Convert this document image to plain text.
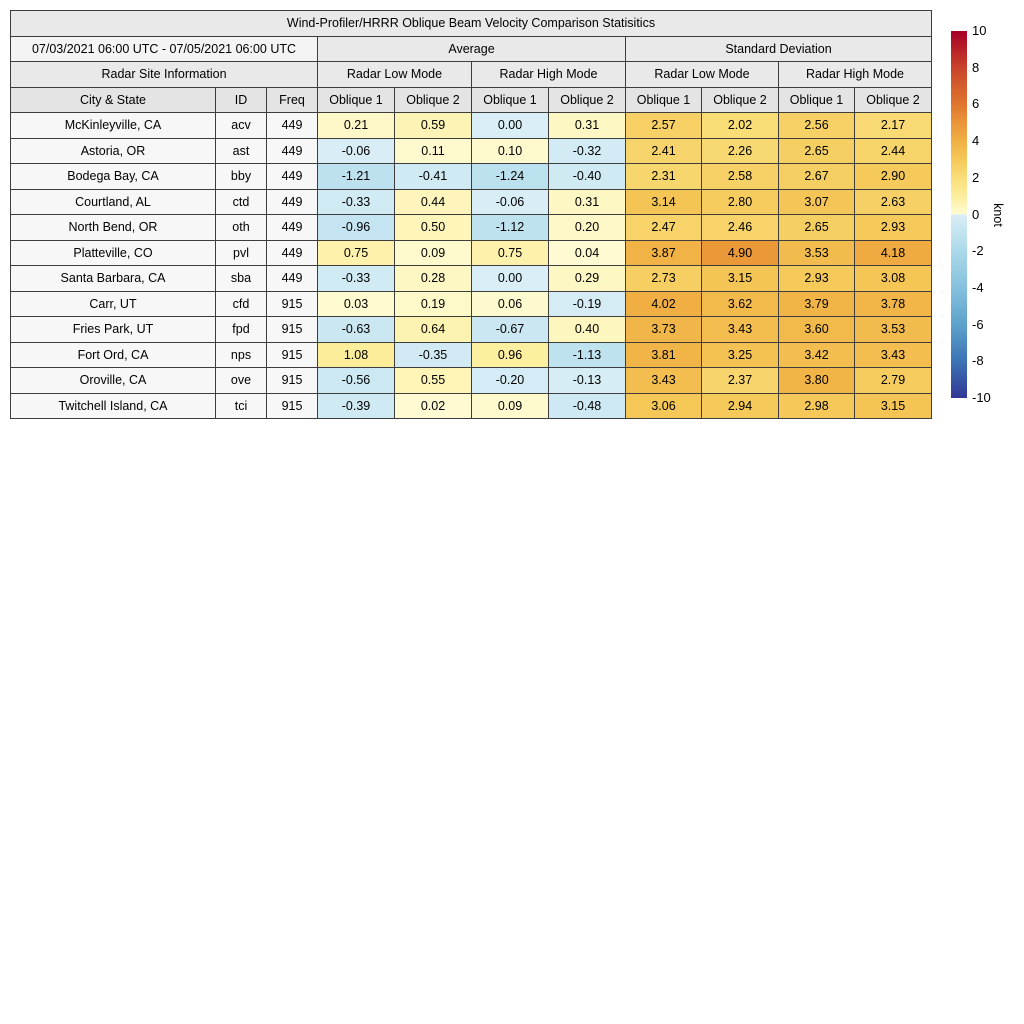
Wind-Profiler/HRRR Oblique Beam Velocity Comparison Statisitics										
07/03/2021 06:00 UTC - 07/05/2021 06:00 UTC			Average				Standard Deviation			
Radar Site Information			Radar Low Mode		Radar High Mode		Radar Low Mode		Radar High Mode	
City & State	ID	Freq	Oblique 1	Oblique 2	Oblique 1	Oblique 2	Oblique 1	Oblique 2	Oblique 1	Oblique 2
McKinleyville, CA	acv	449	0.21	0.59	0.00	0.31	2.57	2.02	2.56	2.17
Astoria, OR	ast	449	-0.06	0.11	0.10	-0.32	2.41	2.26	2.65	2.44
Bodega Bay, CA	bby	449	-1.21	-0.41	-1.24	-0.40	2.31	2.58	2.67	2.90
Courtland, AL	ctd	449	-0.33	0.44	-0.06	0.31	3.14	2.80	3.07	2.63
North Bend, OR	oth	449	-0.96	0.50	-1.12	0.20	2.47	2.46	2.65	2.93
Platteville, CO	pvl	449	0.75	0.09	0.75	0.04	3.87	4.90	3.53	4.18
Santa Barbara, CA	sba	449	-0.33	0.28	0.00	0.29	2.73	3.15	2.93	3.08
Carr, UT	cfd	915	0.03	0.19	0.06	-0.19	4.02	3.62	3.79	3.78
Fries Park, UT	fpd	915	-0.63	0.64	-0.67	0.40	3.73	3.43	3.60	3.53
Fort Ord, CA	nps	915	1.08	-0.35	0.96	-1.13	3.81	3.25	3.42	3.43
Oroville, CA	ove	915	-0.56	0.55	-0.20	-0.13	3.43	2.37	3.80	2.79
Twitchell Island, CA	tci	915	-0.39	0.02	0.09	-0.48	3.06	2.94	2.98	3.15
knot
10
8
6
4
2
0
-2
-4
-6
-8
-10
